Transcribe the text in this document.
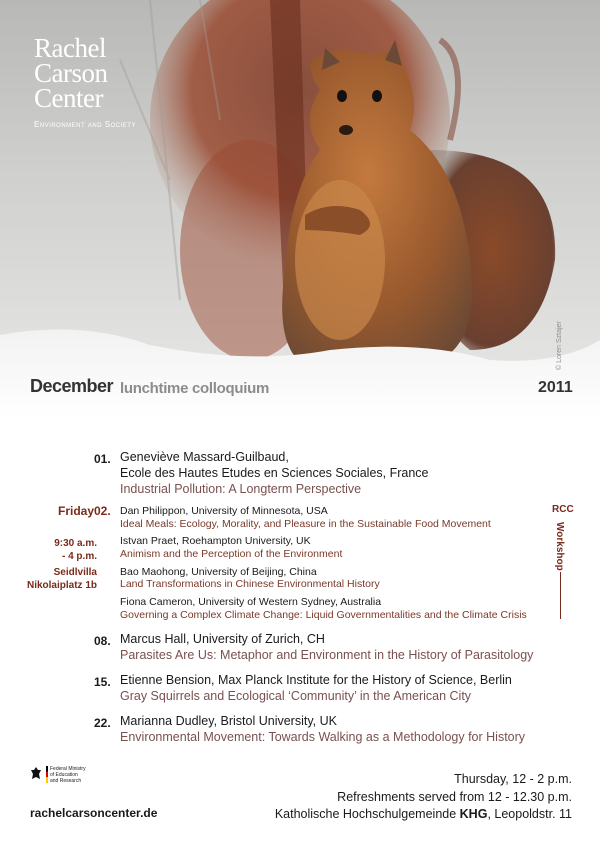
Rachel
Carson
Center
Environment and Society
© Loren Sztajer
December lunchtime colloquium	2011
01. Geneviève Massard-Guilbaud,
Ecole des Hautes Etudes en Sciences Sociales, France
Industrial Pollution: A Longterm Perspective
Friday 02.
9:30 a.m.
- 4 p.m.
Seidlvilla
Nikolaiplatz 1b
Dan Philippon, University of Minnesota, USA
Ideal Meals: Ecology, Morality, and Pleasure in the Sustainable Food Movement
Istvan Praet, Roehampton University, UK
Animism and the Perception of the Environment
Bao Maohong, University of Beijing, China
Land Transformations in Chinese Environmental History
Fiona Cameron, University of Western Sydney, Australia
Governing a Complex Climate Change: Liquid Governmentalities and the Climate Crisis
RCC
Workshop
08. Marcus Hall, University of Zurich, CH
Parasites Are Us: Metaphor and Environment in the History of Parasitology
15. Etienne Bension, Max Planck Institute for the History of Science, Berlin
Gray Squirrels and Ecological ‘Community’ in the American City
22. Marianna Dudley, Bristol University, UK
Environmental Movement: Towards Walking as a Methodology for History
Federal Ministry
of Education
and Research
rachelcarsoncenter.de
Thursday, 12 - 2 p.m.
Refreshments served from 12 - 12.30 p.m.
Katholische Hochschulgemeinde KHG, Leopoldstr. 11
